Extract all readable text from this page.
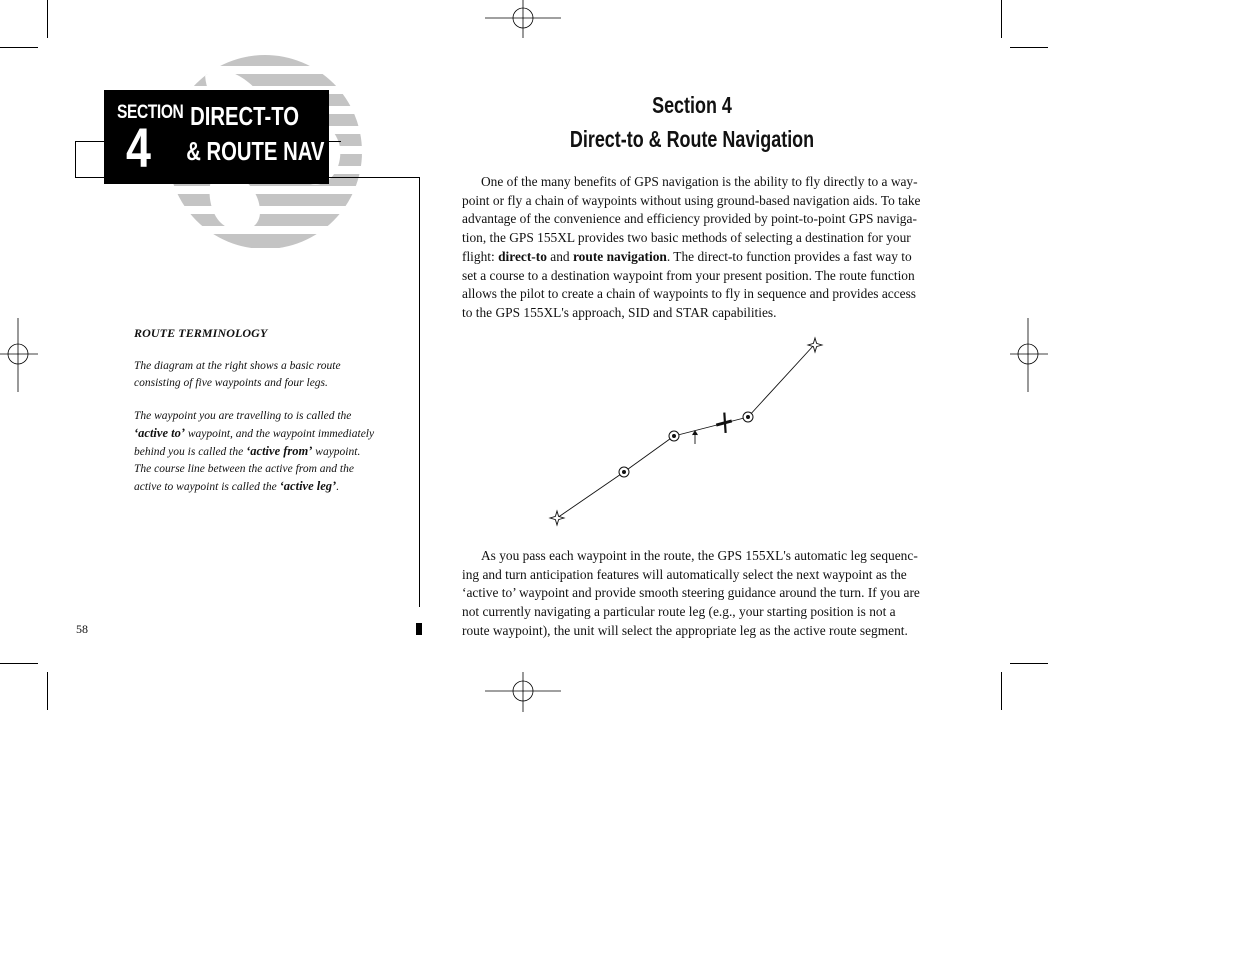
SECTION
4	DIRECT-TO
& ROUTE NAV
ROUTE TERMINOLOGY

The diagram at the right shows a basic route consisting of five waypoints and four legs.

The waypoint you are travelling to is called the ‘active to’ waypoint, and the waypoint immediately behind you is called the ‘active from’ waypoint. The course line between the active from and the active to waypoint is called the ‘active leg’.

58
Section 4
Direct-to & Route Navigation
One of the many benefits of GPS navigation is the ability to fly directly to a waypoint or fly a chain of waypoints without using ground-based navigation aids. To take advantage of the convenience and efficiency provided by point-to-point GPS navigation, the GPS 155XL provides two basic methods of selecting a destination for your flight: direct-to and route navigation. The direct-to function provides a fast way to set a course to a destination waypoint from your present position. The route function allows the pilot to create a chain of waypoints to fly in sequence and provides access to the GPS 155XL's approach, SID and STAR capabilities.
As you pass each waypoint in the route, the GPS 155XL's automatic leg sequencing and turn anticipation features will automatically select the next waypoint as the ‘active to’ waypoint and provide smooth steering guidance around the turn. If you are not currently navigating a particular route leg (e.g., your starting position is not a route waypoint), the unit will select the appropriate leg as the active route segment.
